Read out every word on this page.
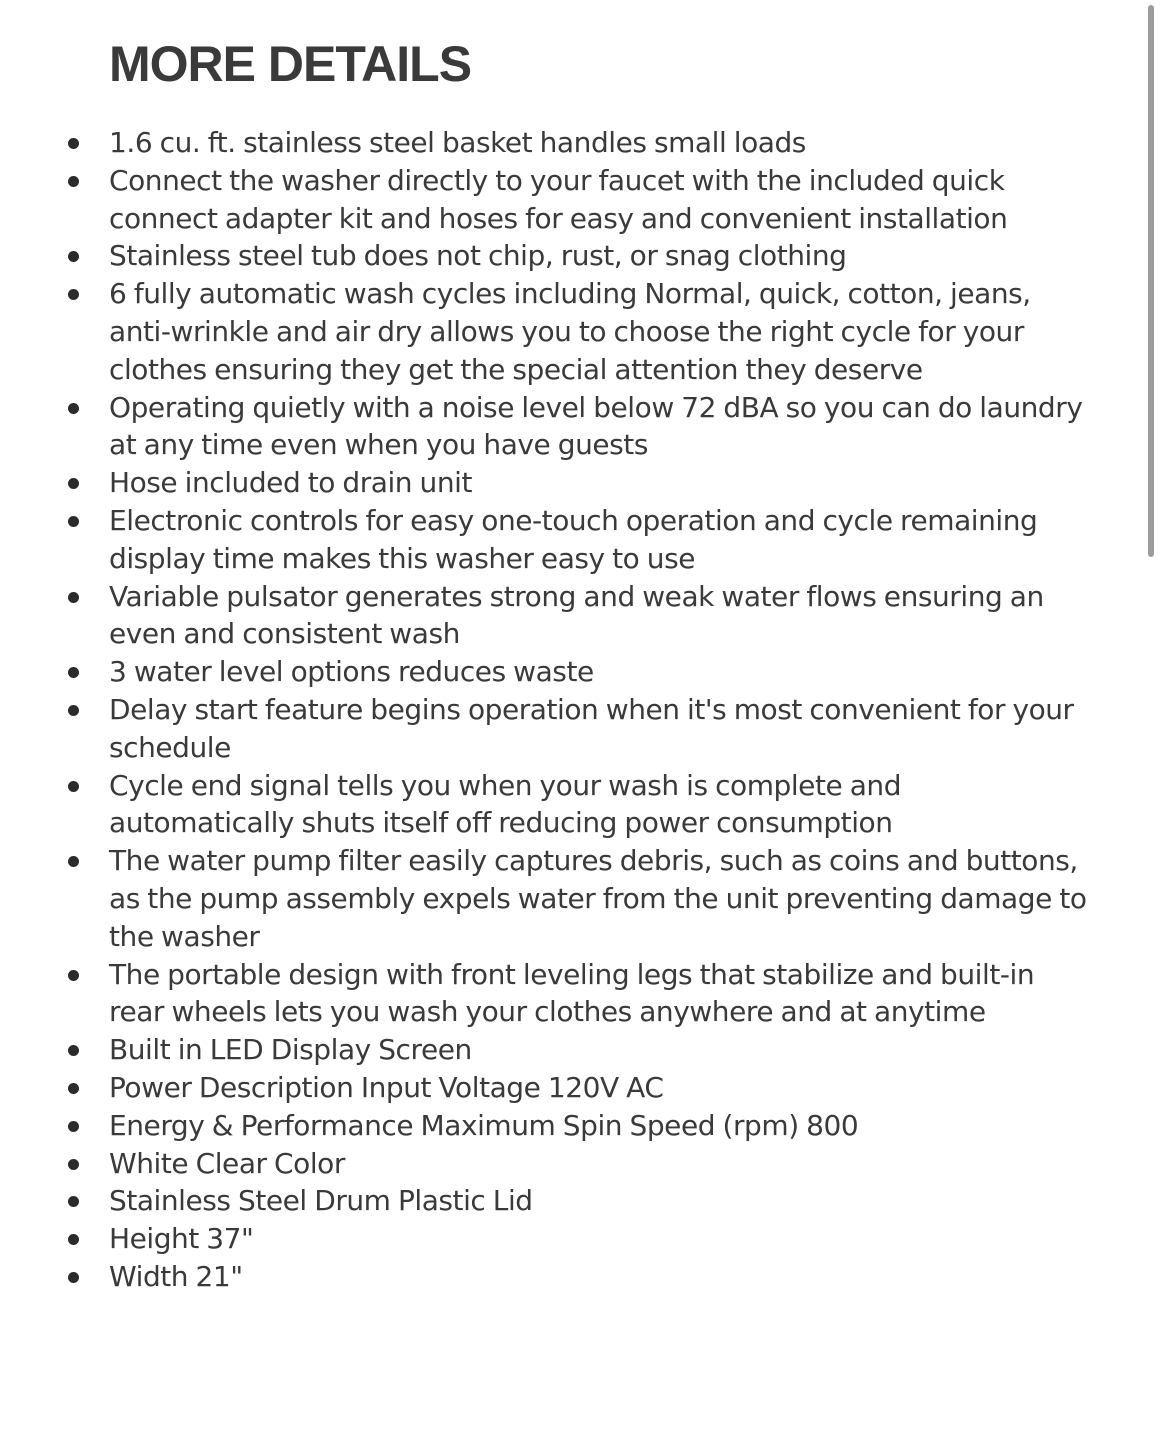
MORE DETAILS
1.6 cu. ft. stainless steel basket handles small loads
Connect the washer directly to your faucet with the included quick connect adapter kit and hoses for easy and convenient installation
Stainless steel tub does not chip, rust, or snag clothing
6 fully automatic wash cycles including Normal, quick, cotton, jeans, anti-wrinkle and air dry allows you to choose the right cycle for your clothes ensuring they get the special attention they deserve
Operating quietly with a noise level below 72 dBA so you can do laundry at any time even when you have guests
Hose included to drain unit
Electronic controls for easy one-touch operation and cycle remaining display time makes this washer easy to use
Variable pulsator generates strong and weak water flows ensuring an even and consistent wash
3 water level options reduces waste
Delay start feature begins operation when it's most convenient for your schedule
Cycle end signal tells you when your wash is complete and automatically shuts itself off reducing power consumption
The water pump filter easily captures debris, such as coins and buttons, as the pump assembly expels water from the unit preventing damage to the washer
The portable design with front leveling legs that stabilize and built-in rear wheels lets you wash your clothes anywhere and at anytime
Built in LED Display Screen
Power Description Input Voltage 120V AC
Energy & Performance Maximum Spin Speed (rpm) 800
White Clear Color
Stainless Steel Drum Plastic Lid
Height 37"
Width 21"
